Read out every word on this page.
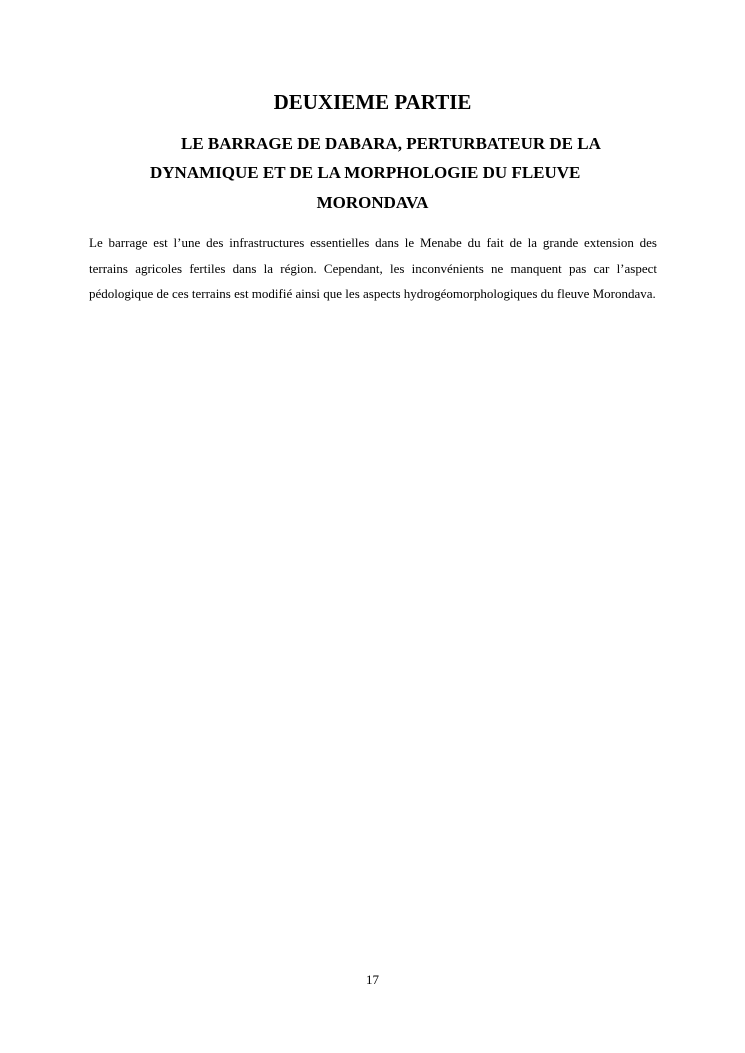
DEUXIEME PARTIE
LE BARRAGE DE DABARA, PERTURBATEUR DE LA
DYNAMIQUE ET DE LA MORPHOLOGIE DU FLEUVE
MORONDAVA

Le barrage est l’une des infrastructures essentielles dans le Menabe du fait de la grande extension des terrains agricoles fertiles dans la région. Cependant, les inconvénients ne manquent pas car l’aspect pédologique de ces terrains est modifié ainsi que les aspects hydrogéomorphologiques du fleuve Morondava.

17
